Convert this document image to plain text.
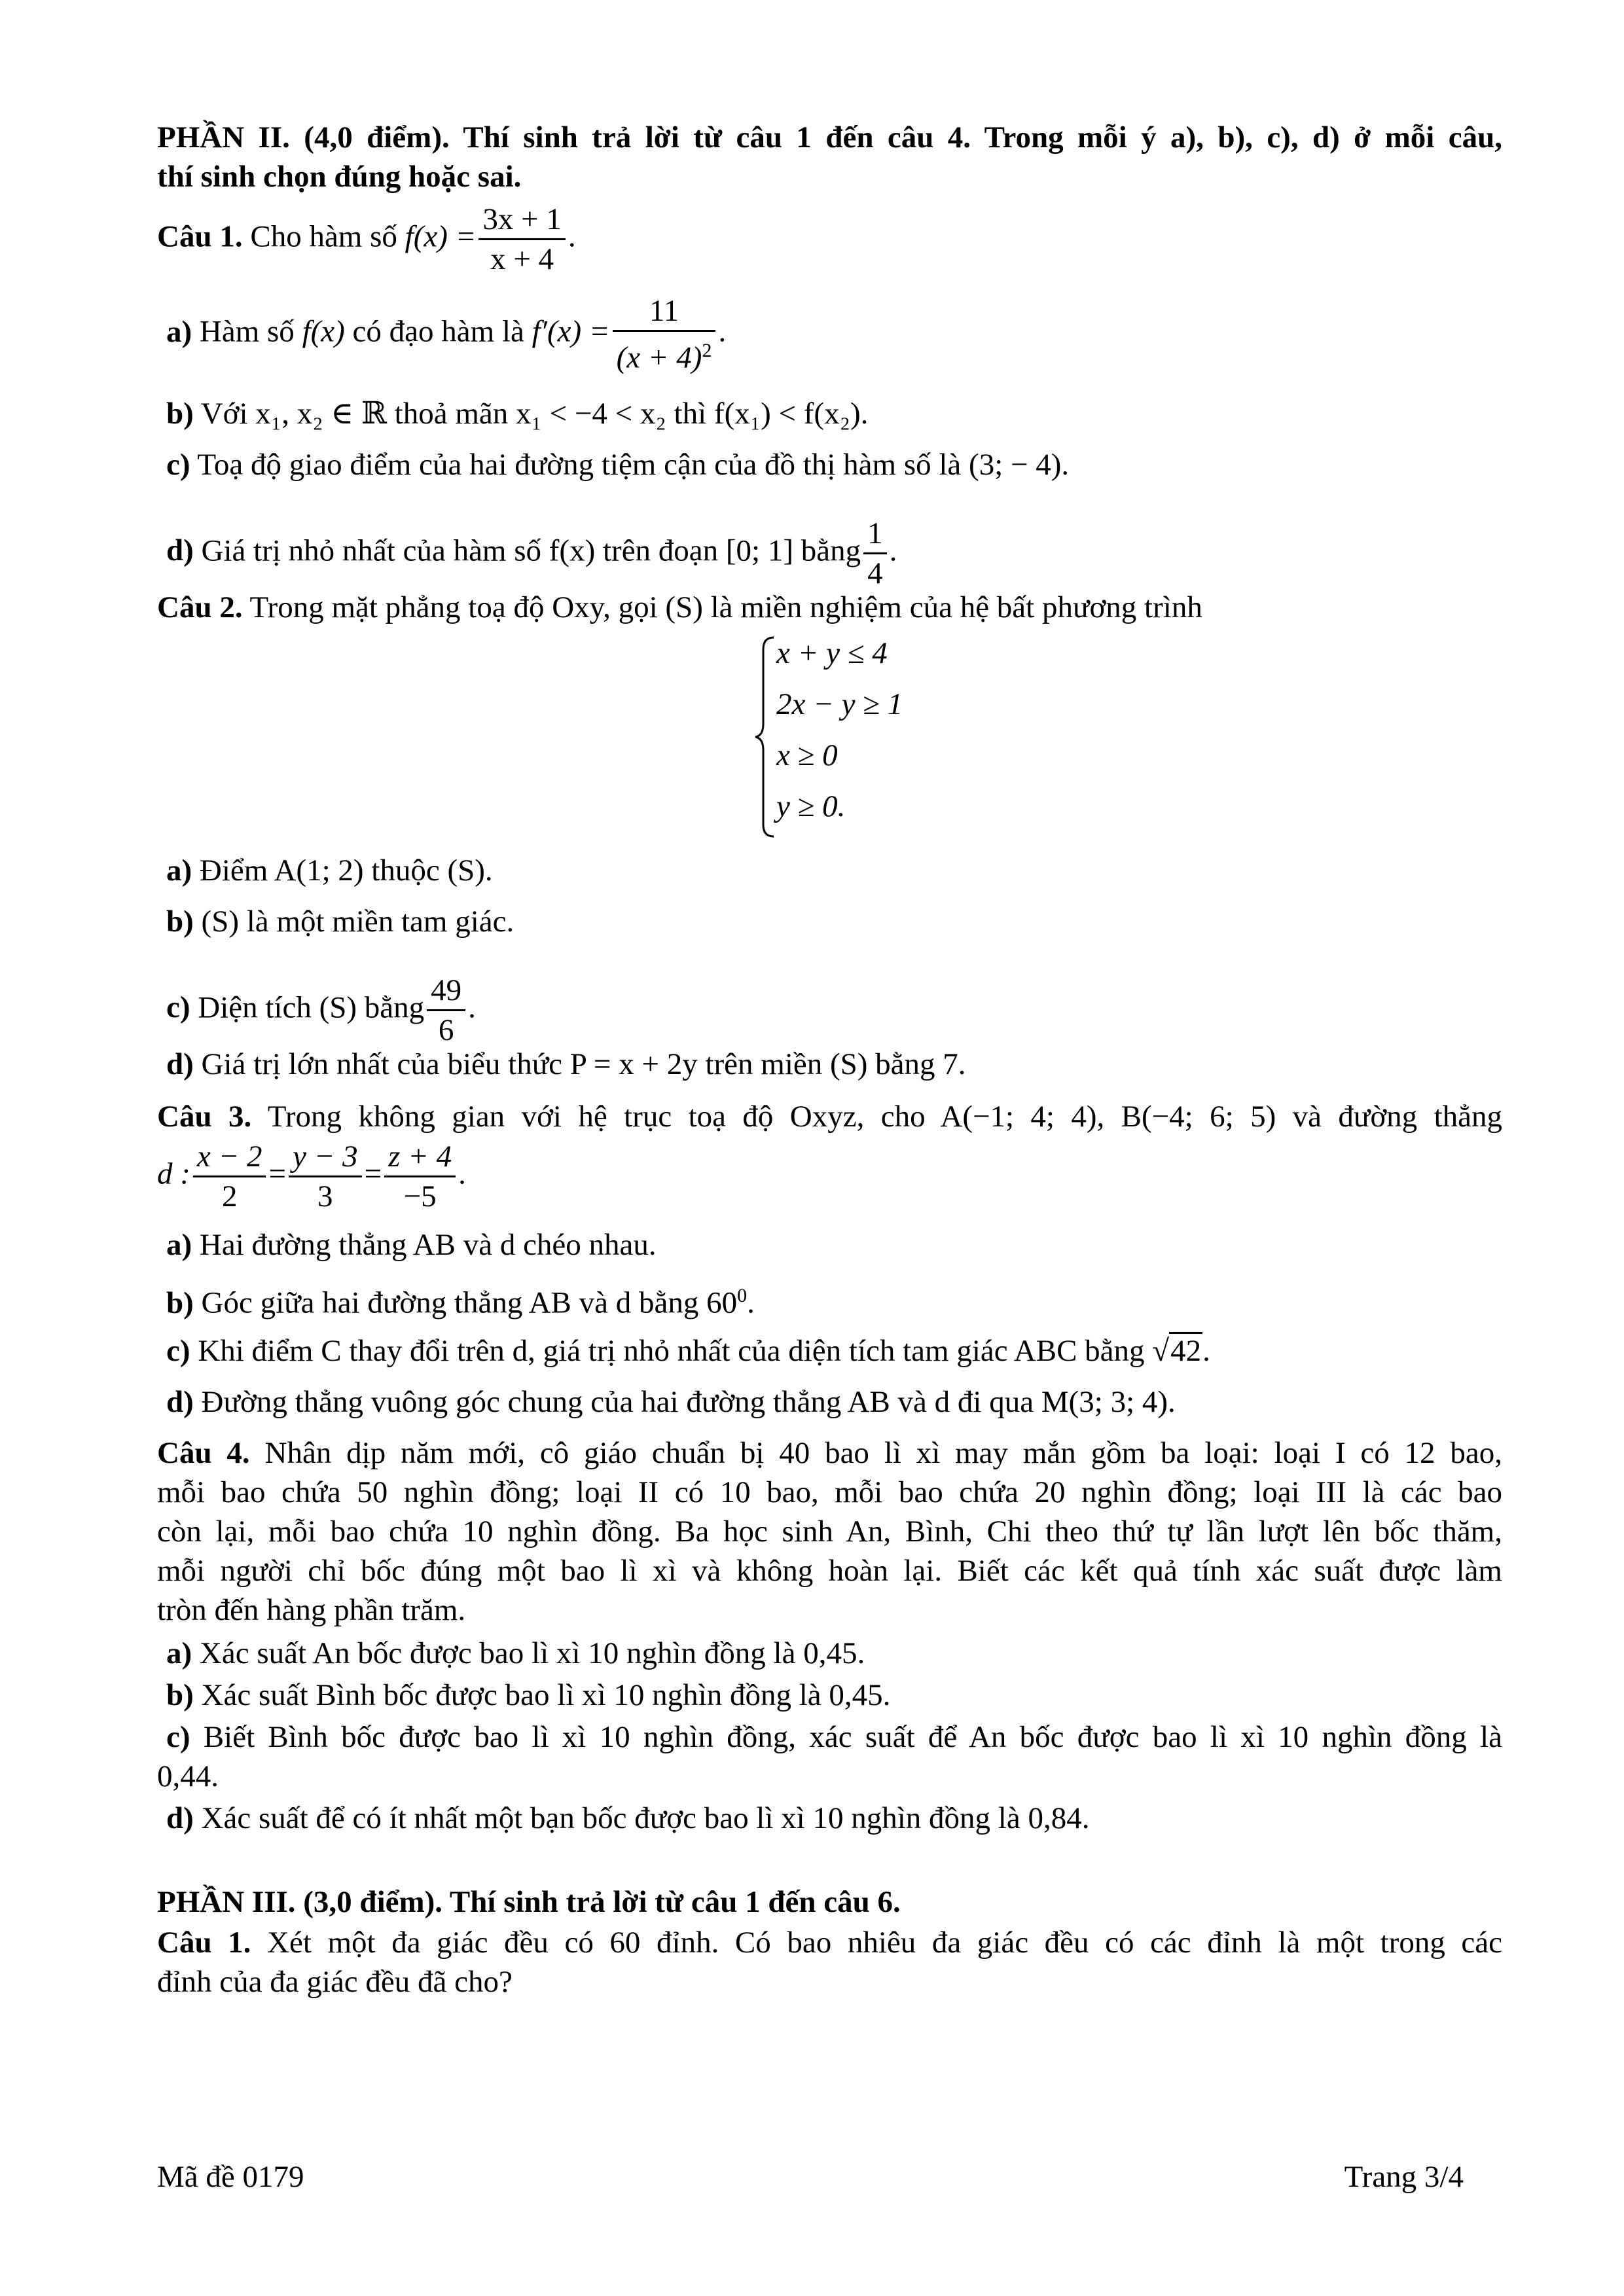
PHẦN II. (4,0 điểm). Thí sinh trả lời từ câu 1 đến câu 4. Trong mỗi ý a), b), c), d) ở mỗi câu,
thí sinh chọn đúng hoặc sai.
Câu 1. Cho hàm số $f(x) = \frac{3x + 1}{x + 4}$ .
a) Hàm số f(x) có đạo hàm là $f'(x) = \frac{11}{(x + 4)^2}$ .
b) Với x₁, x₂ ∈ ℝ thoả mãn x₁ < −4 < x₂ thì f(x₁) < f(x₂).
c) Toạ độ giao điểm của hai đường tiệm cận của đồ thị hàm số là (3; − 4).
d) Giá trị nhỏ nhất của hàm số f(x) trên đoạn [0; 1] bằng $\frac{1}{4}$ .
Câu 2. Trong mặt phẳng toạ độ Oxy, gọi (S) là miền nghiệm của hệ bất phương trình
x + y ≤ 4
2x − y ≥ 1
x ≥ 0
y ≥ 0.
a) Điểm A(1; 2) thuộc (S).
b) (S) là một miền tam giác.
c) Diện tích (S) bằng $\frac{49}{6}$ .
d) Giá trị lớn nhất của biểu thức P = x + 2y trên miền (S) bằng 7.
Câu 3. Trong không gian với hệ trục toạ độ Oxyz, cho A(−1; 4; 4), B(−4; 6; 5) và đường thẳng
d : $\frac{x - 2}{2} = \frac{y - 3}{3} = \frac{z + 4}{-5}$ .
a) Hai đường thẳng AB và d chéo nhau.
b) Góc giữa hai đường thẳng AB và d bằng $60^0$.
c) Khi điểm C thay đổi trên d, giá trị nhỏ nhất của diện tích tam giác ABC bằng √42.
d) Đường thẳng vuông góc chung của hai đường thẳng AB và d đi qua M(3; 3; 4).
Câu 4. Nhân dịp năm mới, cô giáo chuẩn bị 40 bao lì xì may mắn gồm ba loại: loại I có 12 bao,
mỗi bao chứa 50 nghìn đồng; loại II có 10 bao, mỗi bao chứa 20 nghìn đồng; loại III là các bao
còn lại, mỗi bao chứa 10 nghìn đồng. Ba học sinh An, Bình, Chi theo thứ tự lần lượt lên bốc thăm,
mỗi người chỉ bốc đúng một bao lì xì và không hoàn lại. Biết các kết quả tính xác suất được làm
tròn đến hàng phần trăm.
a) Xác suất An bốc được bao lì xì 10 nghìn đồng là 0,45.
b) Xác suất Bình bốc được bao lì xì 10 nghìn đồng là 0,45.
c) Biết Bình bốc được bao lì xì 10 nghìn đồng, xác suất để An bốc được bao lì xì 10 nghìn đồng là
0,44.
d) Xác suất để có ít nhất một bạn bốc được bao lì xì 10 nghìn đồng là 0,84.
PHẦN III. (3,0 điểm). Thí sinh trả lời từ câu 1 đến câu 6.
Câu 1. Xét một đa giác đều có 60 đỉnh. Có bao nhiêu đa giác đều có các đỉnh là một trong các
đỉnh của đa giác đều đã cho?
Mã đề 0179	Trang 3/4
